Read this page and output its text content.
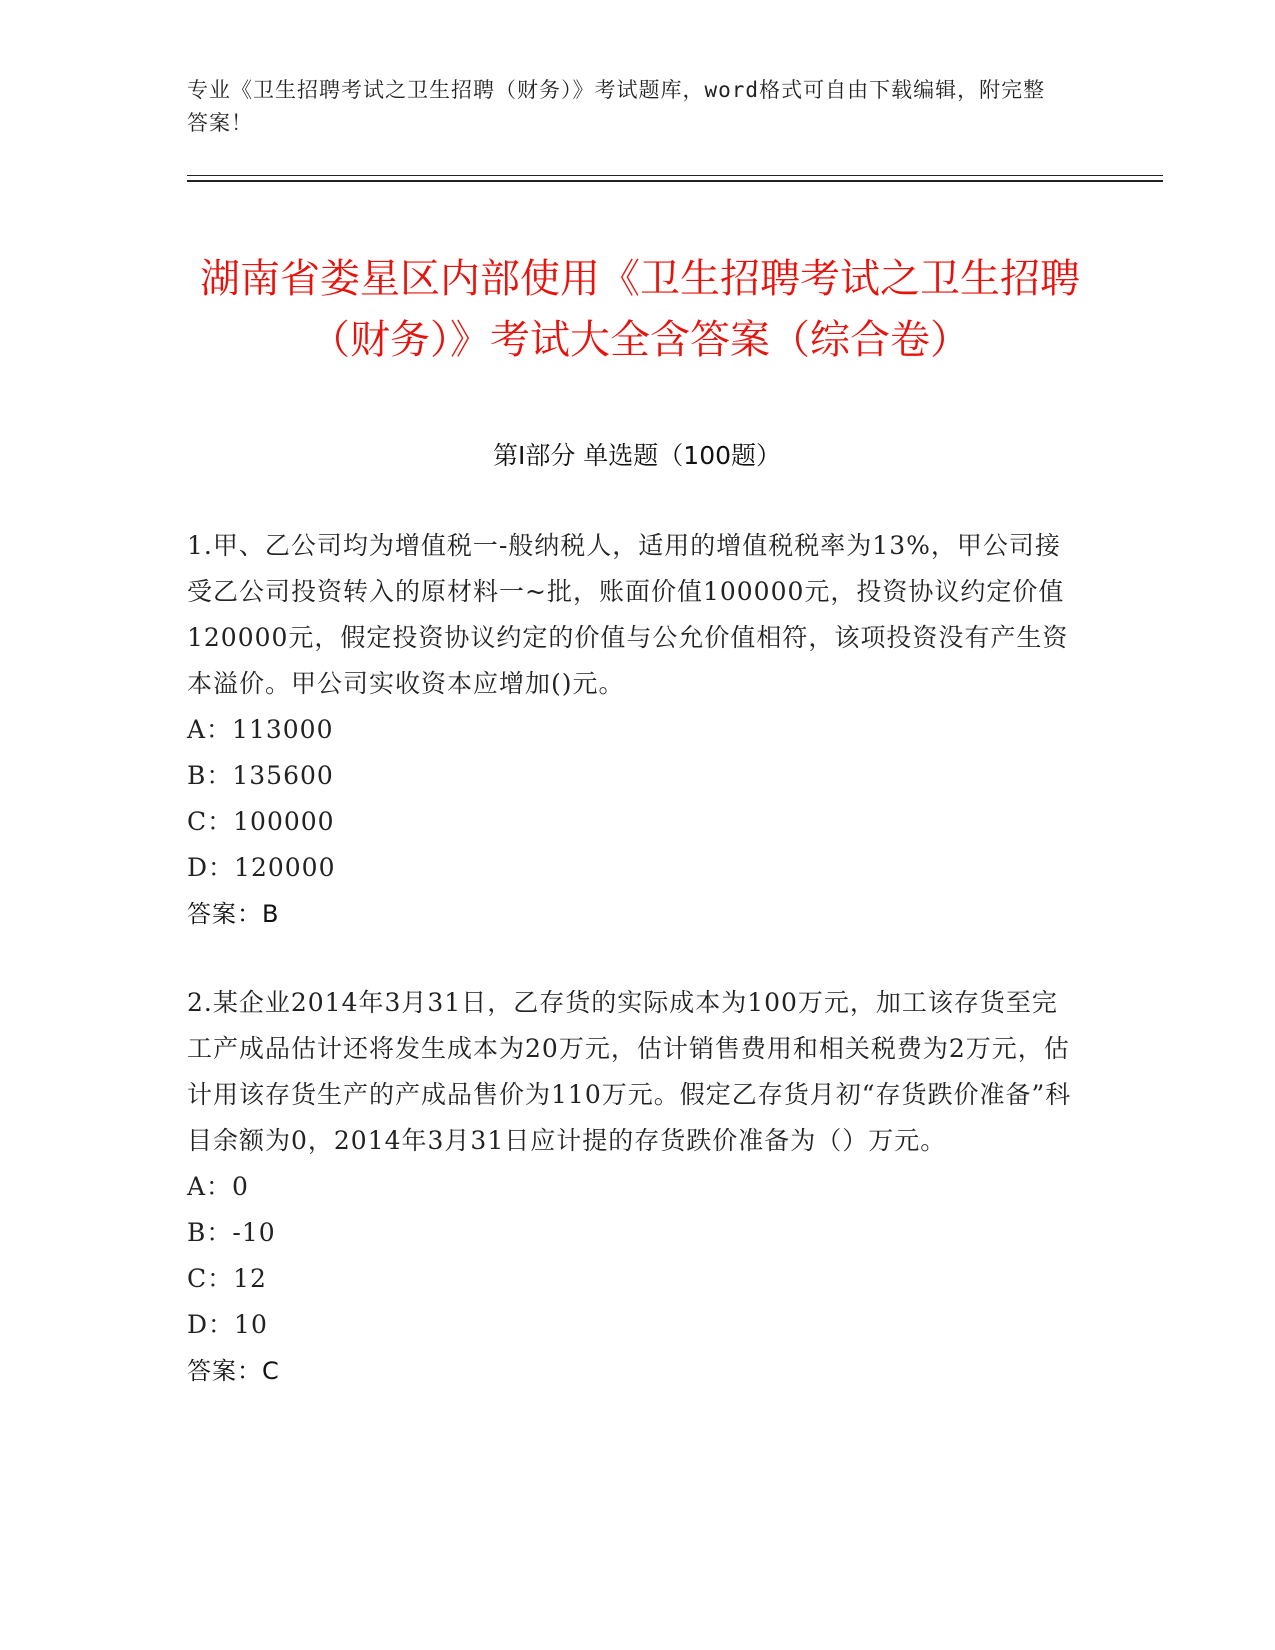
专业《卫生招聘考试之卫生招聘（财务）》考试题库，word格式可自由下载编辑，附完整答案！
湖南省娄星区内部使用《卫生招聘考试之卫生招聘（财务）》考试大全含答案（综合卷）
第I部分 单选题（100题）

1.甲、乙公司均为增值税一-般纳税人，适用的增值税税率为13%，甲公司接受乙公司投资转入的原材料一~批，账面价值100000元，投资协议约定价值120000元，假定投资协议约定的价值与公允价值相符，该项投资没有产生资本溢价。甲公司实收资本应增加()元。

A：113000

B：135600

C：100000

D：120000

答案：B

2.某企业2014年3月31日，乙存货的实际成本为100万元，加工该存货至完工产成品估计还将发生成本为20万元，估计销售费用和相关税费为2万元，估计用该存货生产的产成品售价为110万元。假定乙存货月初“存货跌价准备”科目余额为0，2014年3月31日应计提的存货跌价准备为（）万元。

A：0

B：-10

C：12

D：10

答案：C
